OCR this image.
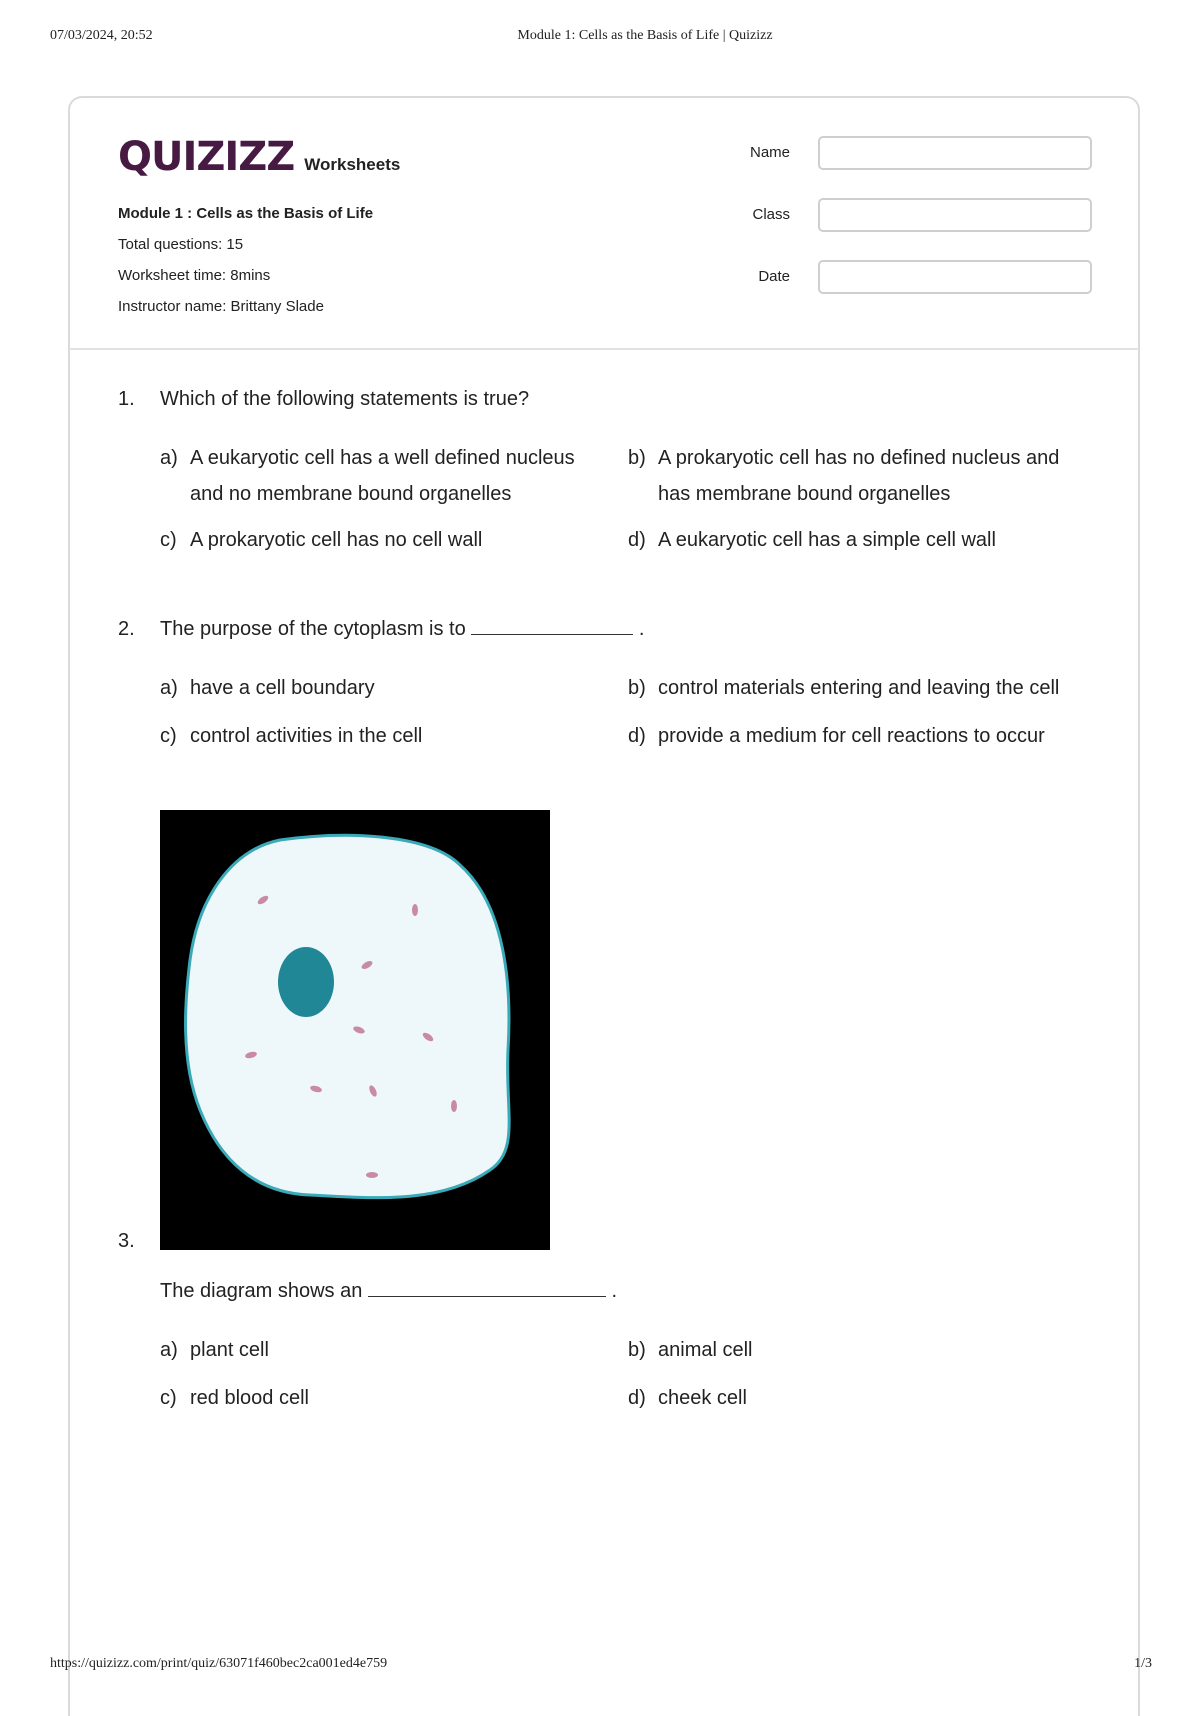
07/03/2024, 20:52	Module 1: Cells as the Basis of Life | Quizizz
QUIZIZZ Worksheets
Module 1 : Cells as the Basis of Life
Total questions: 15
Worksheet time: 8mins
Instructor name: Brittany Slade
Name
Class
Date
1. Which of the following statements is true?
a) A eukaryotic cell has a well defined nucleus and no membrane bound organelles
b) A prokaryotic cell has no defined nucleus and has membrane bound organelles
c) A prokaryotic cell has no cell wall	d) A eukaryotic cell has a simple cell wall
2. The purpose of the cytoplasm is to	.
a) have a cell boundary	b) control materials entering and leaving the cell
c) control activities in the cell	d) provide a medium for cell reactions to occur
3.
The diagram shows an	.
a) plant cell	b) animal cell
c) red blood cell	d) cheek cell
https://quizizz.com/print/quiz/63071f460bec2ca001ed4e759	1/3
